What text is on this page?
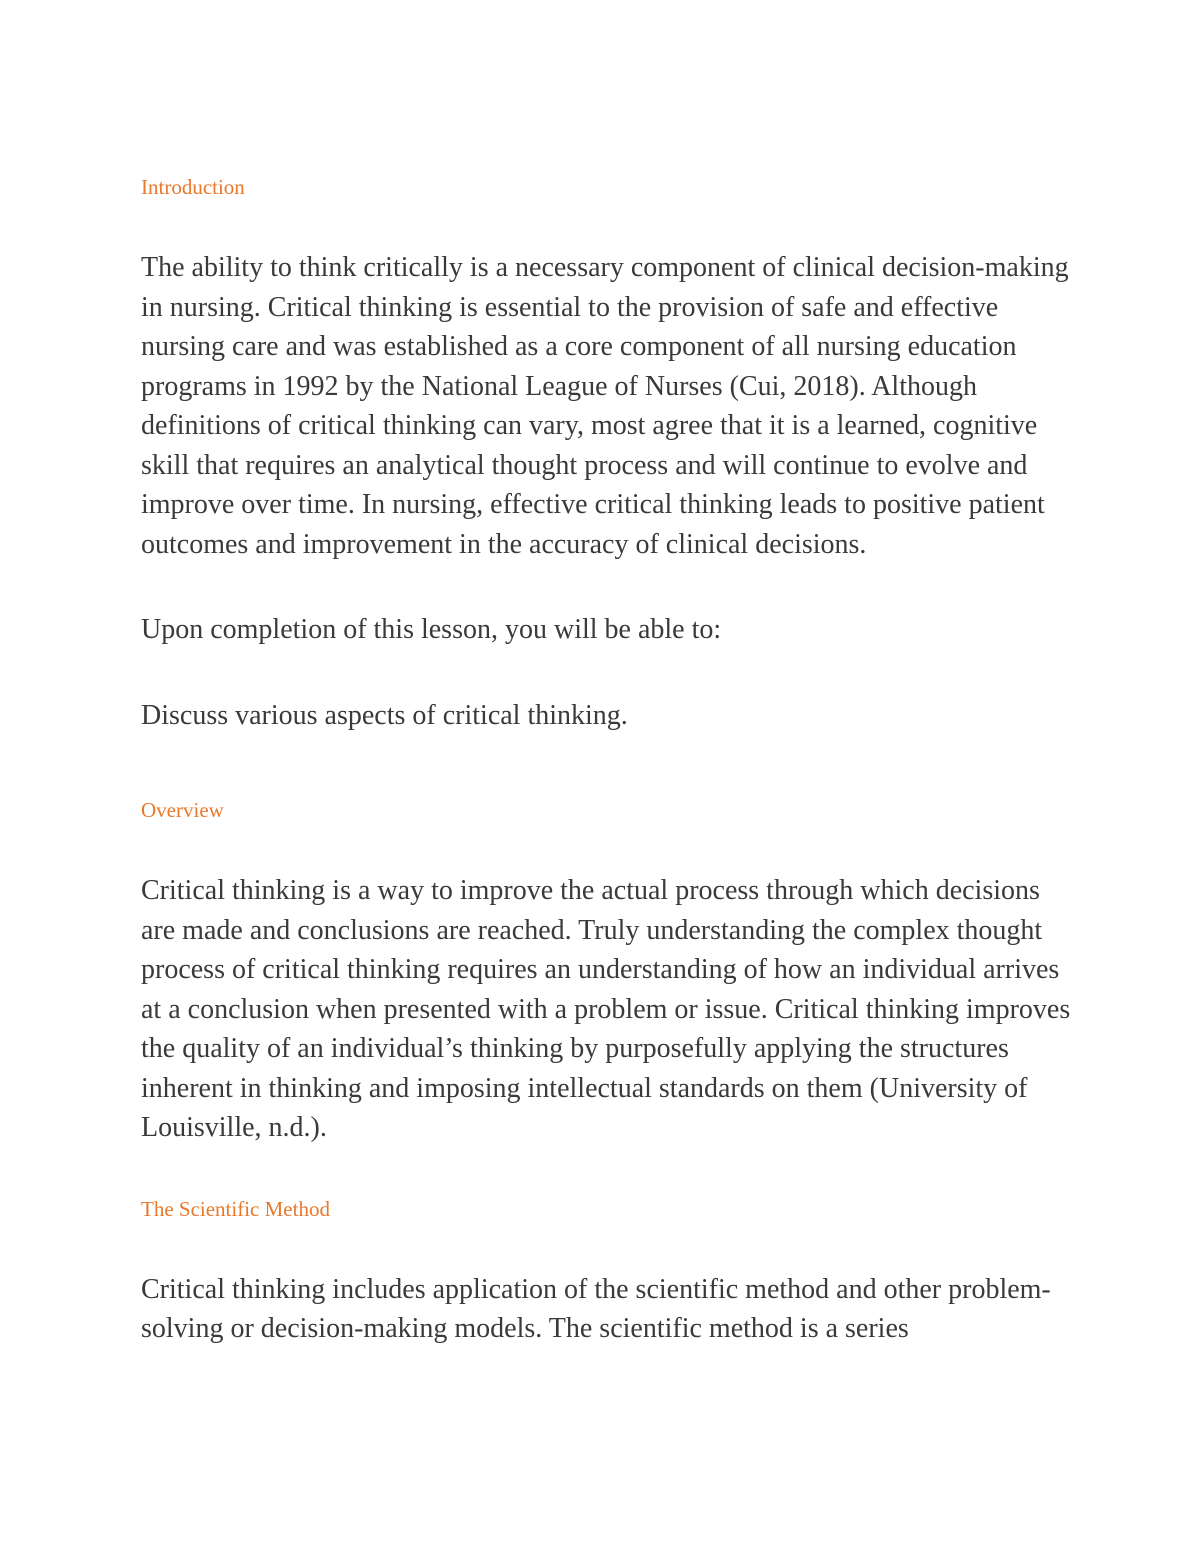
Introduction

The ability to think critically is a necessary component of clinical decision-making in nursing. Critical thinking is essential to the provision of safe and effective nursing care and was established as a core component of all nursing education programs in 1992 by the National League of Nurses (Cui, 2018). Although definitions of critical thinking can vary, most agree that it is a learned, cognitive skill that requires an analytical thought process and will continue to evolve and improve over time. In nursing, effective critical thinking leads to positive patient outcomes and improvement in the accuracy of clinical decisions.

Upon completion of this lesson, you will be able to:

Discuss various aspects of critical thinking.

Overview

Critical thinking is a way to improve the actual process through which decisions are made and conclusions are reached. Truly understanding the complex thought process of critical thinking requires an understanding of how an individual arrives at a conclusion when presented with a problem or issue. Critical thinking improves the quality of an individual’s thinking by purposefully applying the structures inherent in thinking and imposing intellectual standards on them (University of Louisville, n.d.).

The Scientific Method

Critical thinking includes application of the scientific method and other problem-solving or decision-making models. The scientific method is a series
